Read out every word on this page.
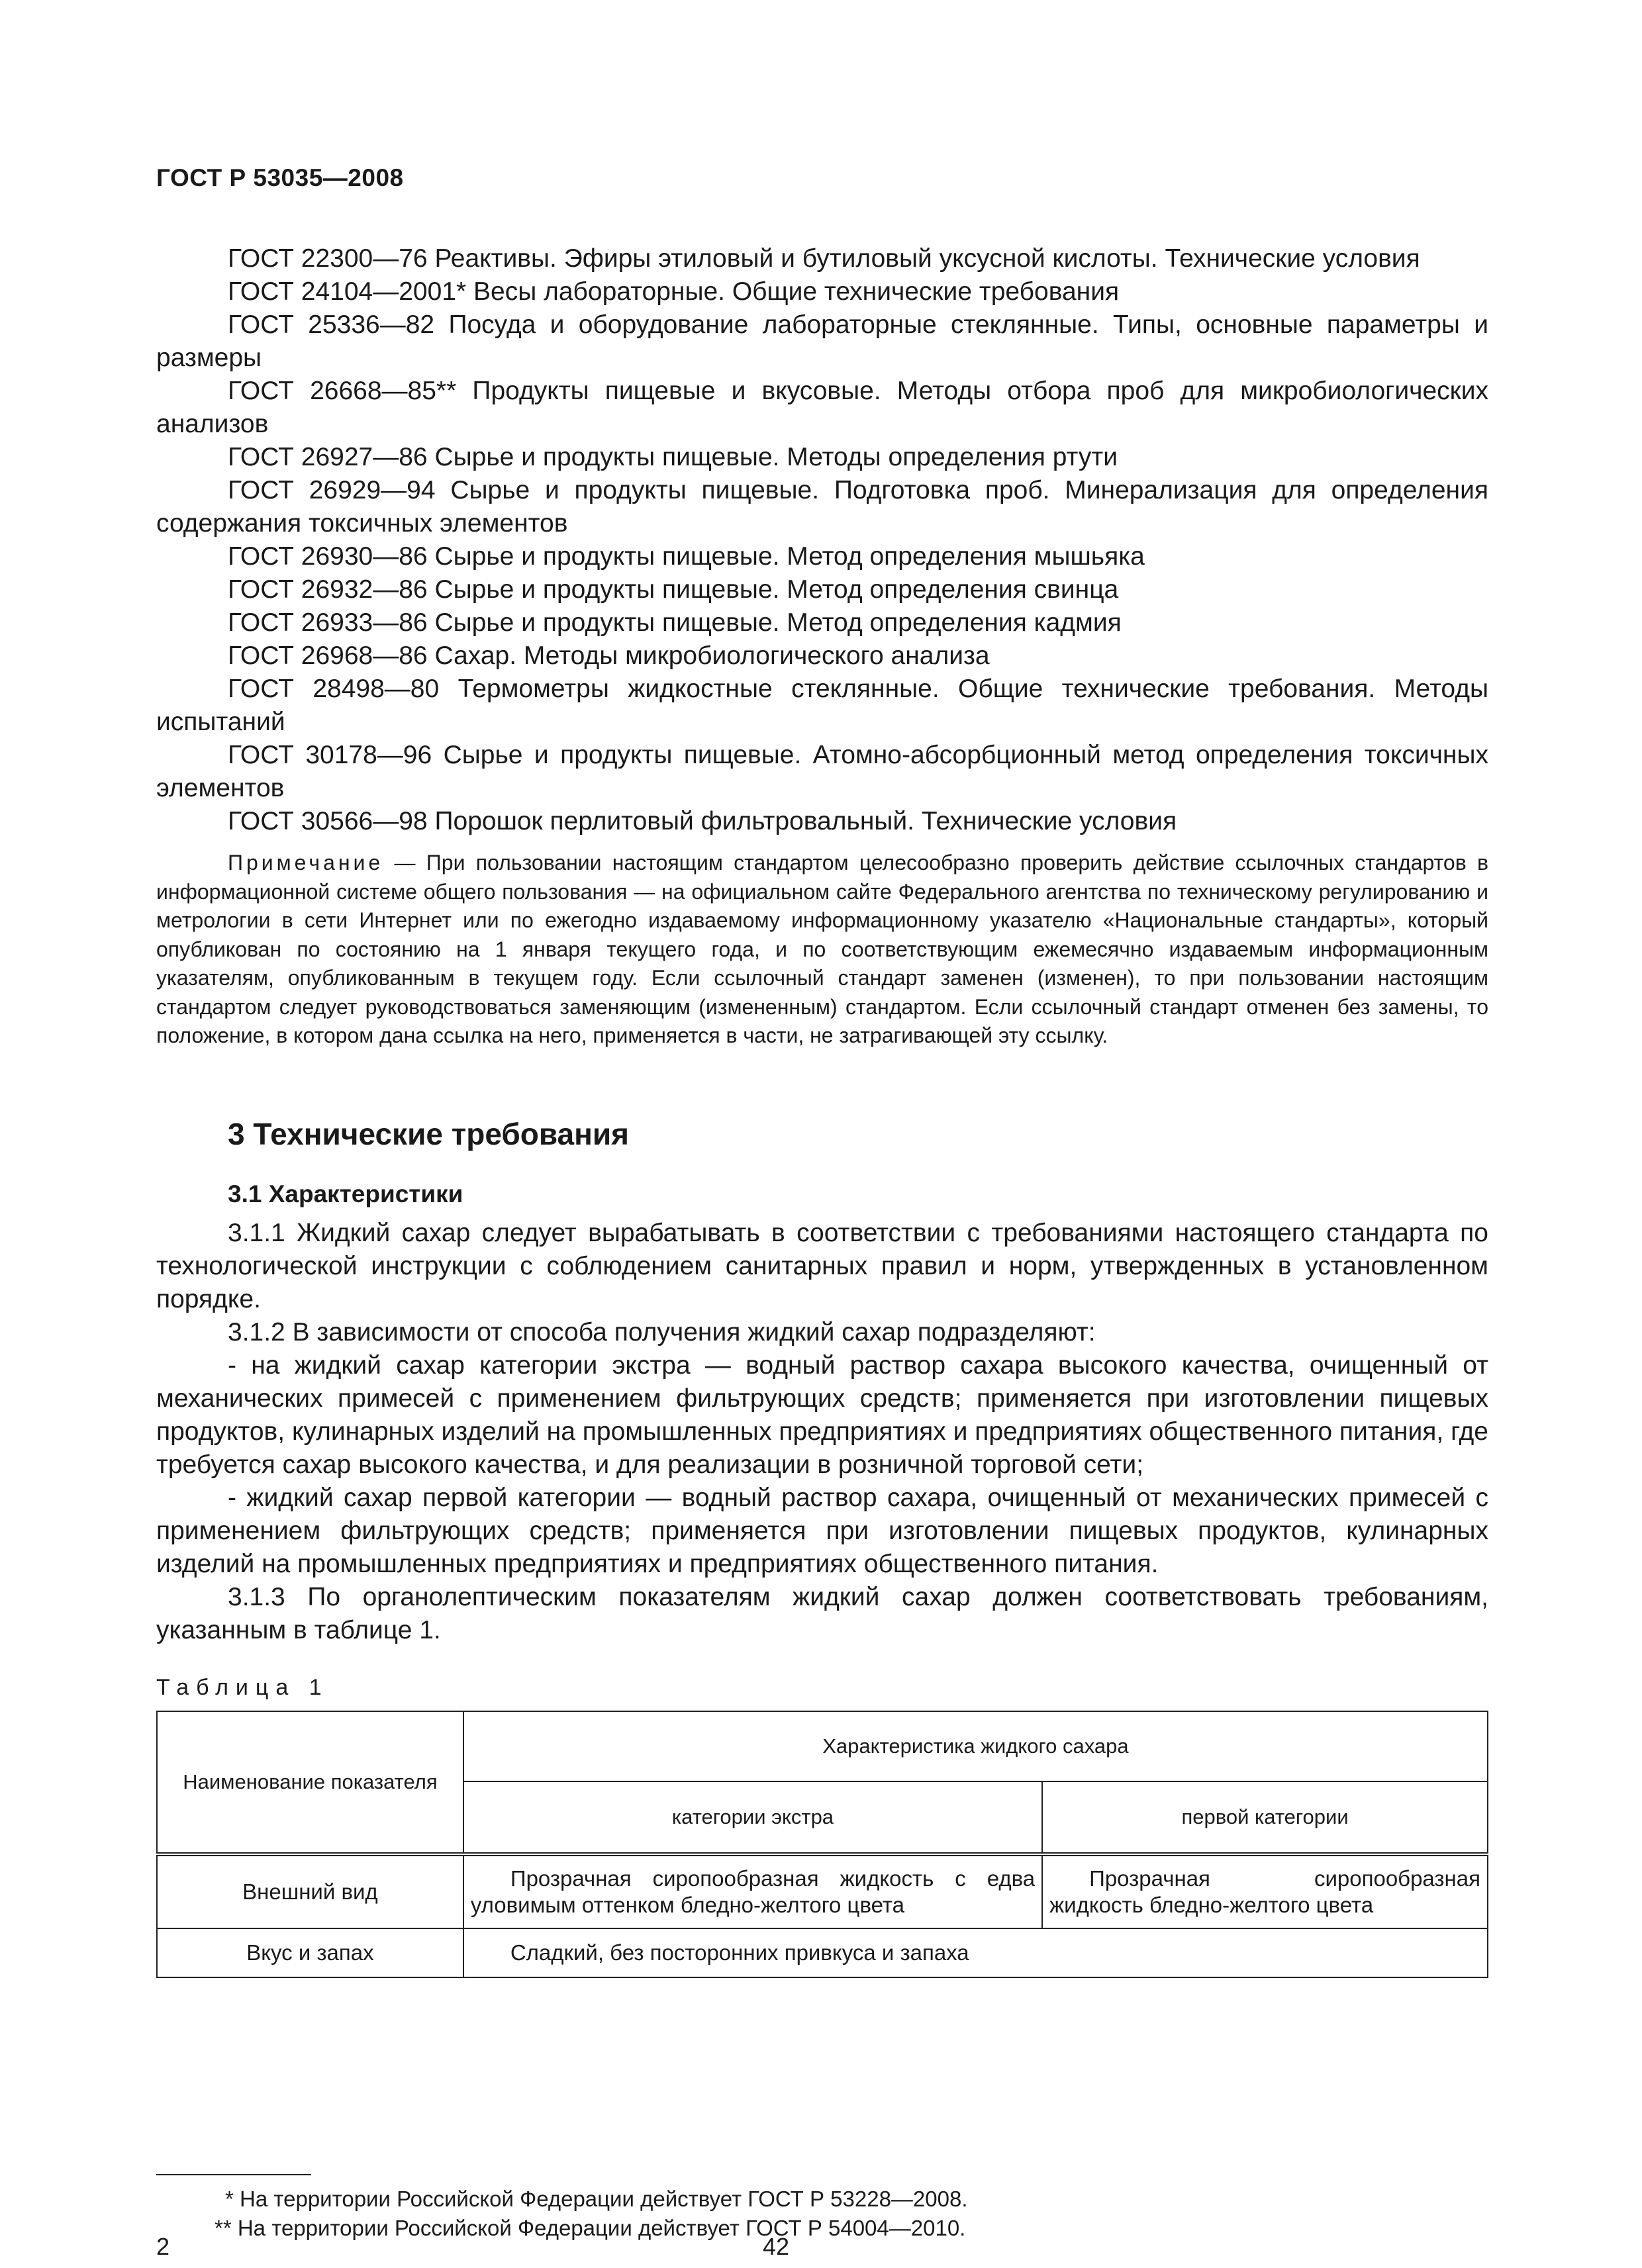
ГОСТ Р 53035—2008

ГОСТ 22300—76 Реактивы. Эфиры этиловый и бутиловый уксусной кислоты. Технические условия

ГОСТ 24104—2001* Весы лабораторные. Общие технические требования

ГОСТ 25336—82 Посуда и оборудование лабораторные стеклянные. Типы, основные параметры и размеры

ГОСТ 26668—85** Продукты пищевые и вкусовые. Методы отбора проб для микробиологических анализов

ГОСТ 26927—86 Сырье и продукты пищевые. Методы определения ртути

ГОСТ 26929—94 Сырье и продукты пищевые. Подготовка проб. Минерализация для определения содержания токсичных элементов

ГОСТ 26930—86 Сырье и продукты пищевые. Метод определения мышьяка

ГОСТ 26932—86 Сырье и продукты пищевые. Метод определения свинца

ГОСТ 26933—86 Сырье и продукты пищевые. Метод определения кадмия

ГОСТ 26968—86 Сахар. Методы микробиологического анализа

ГОСТ 28498—80 Термометры жидкостные стеклянные. Общие технические требования. Методы испытаний

ГОСТ 30178—96 Сырье и продукты пищевые. Атомно-абсорбционный метод определения токсичных элементов

ГОСТ 30566—98 Порошок перлитовый фильтровальный. Технические условия

Примечание — При пользовании настоящим стандартом целесообразно проверить действие ссылочных стандартов в информационной системе общего пользования — на официальном сайте Федерального агентства по техническому регулированию и метрологии в сети Интернет или по ежегодно издаваемому информационному указателю «Национальные стандарты», который опубликован по состоянию на 1 января текущего года, и по соответствующим ежемесячно издаваемым информационным указателям, опубликованным в текущем году. Если ссылочный стандарт заменен (изменен), то при пользовании настоящим стандартом следует руководствоваться заменяющим (измененным) стандартом. Если ссылочный стандарт отменен без замены, то положение, в котором дана ссылка на него, применяется в части, не затрагивающей эту ссылку.

3 Технические требования
3.1 Характеристики

3.1.1 Жидкий сахар следует вырабатывать в соответствии с требованиями настоящего стандарта по технологической инструкции с соблюдением санитарных правил и норм, утвержденных в установленном порядке.

3.1.2 В зависимости от способа получения жидкий сахар подразделяют:

- на жидкий сахар категории экстра — водный раствор сахара высокого качества, очищенный от механических примесей с применением фильтрующих средств; применяется при изготовлении пищевых продуктов, кулинарных изделий на промышленных предприятиях и предприятиях общественного питания, где требуется сахар высокого качества, и для реализации в розничной торговой сети;

- жидкий сахар первой категории — водный раствор сахара, очищенный от механических примесей с применением фильтрующих средств; применяется при изготовлении пищевых продуктов, кулинарных изделий на промышленных предприятиях и предприятиях общественного питания.

3.1.3 По органолептическим показателям жидкий сахар должен соответствовать требованиям, указанным в таблице 1.

Таблица 1
Наименование показателя	Характеристика жидкого сахара	
	категории экстра	первой категории
Внешний вид	Прозрачная сиропообразная жидкость с едва уловимым оттенком бледно-желтого цвета	Прозрачная сиропообразная жидкость бледно-желтого цвета
Вкус и запах	Сладкий, без посторонних привкуса и запаха	

* На территории Российской Федерации действует ГОСТ Р 53228—2008.

** На территории Российской Федерации действует ГОСТ Р 54004—2010.

2	42
